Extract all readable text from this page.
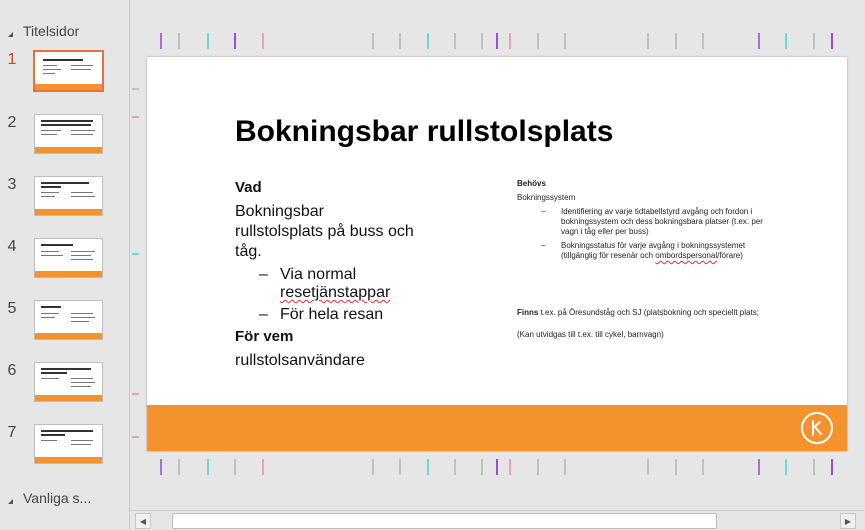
Titelsidor
1
2
3
4
5
6
7
Vanliga s...
Bokningsbar rullstolsplats
Vad
Bokningsbar rullstolsplats på buss och tåg.
– Via normal resetjänstappar
– För hela resan
För vem
rullstolsanvändare
Behövs
Bokningssystem
–	Identifiering av varje tidtabellstyrd avgång och fordon i bokningssystem och dess bokningsbara platser (t.ex. per vagn i tåg eller per buss)
–	Bokningsstatus för varje avgång i bokningssystemet (tillgänglig för resenär och ombordspersonal/förare)
Finns t.ex. på Öresundståg och SJ (platsbokning och speciellt plats;
(Kan utvidgas till t.ex. till cykel, barnvagn)
◀	▶
